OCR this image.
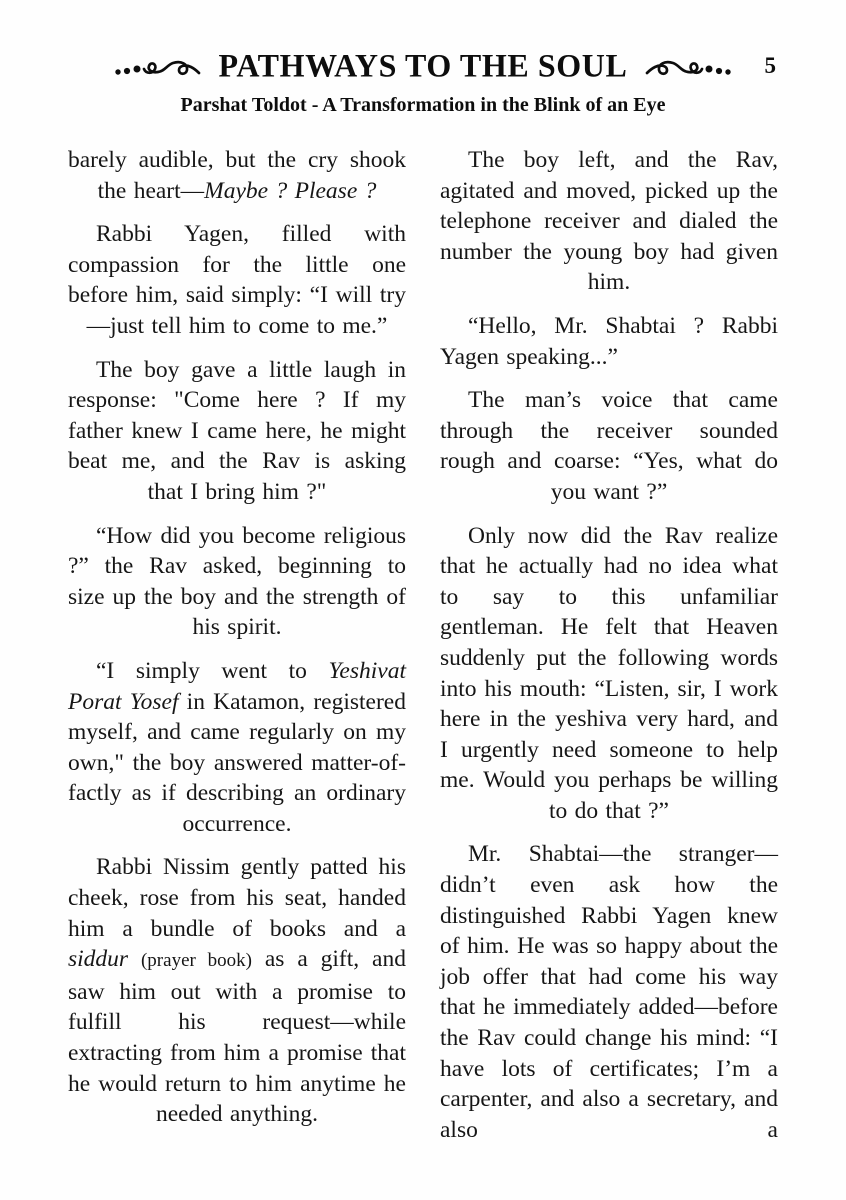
PATHWAYS TO THE SOUL	5
Parshat Toldot - A Transformation in the Blink of an Eye

barely audible, but the cry shook the heart—Maybe ? Please ?

Rabbi Yagen, filled with compassion for the little one before him, said simply: “I will try—just tell him to come to me.”

The boy gave a little laugh in response: "Come here ? If my father knew I came here, he might beat me, and the Rav is asking that I bring him ?"

“How did you become religious ?” the Rav asked, beginning to size up the boy and the strength of his spirit.

“I simply went to Yeshivat Porat Yosef in Katamon, registered myself, and came regularly on my own," the boy answered matter-of-factly as if describing an ordinary occurrence.

Rabbi Nissim gently patted his cheek, rose from his seat, handed him a bundle of books and a siddur (prayer book) as a gift, and saw him out with a promise to fulfill his request—while extracting from him a promise that he would return to him anytime he needed anything.

The boy left, and the Rav, agitated and moved, picked up the telephone receiver and dialed the number the young boy had given him.

“Hello, Mr. Shabtai ? Rabbi Yagen speaking...”

The man’s voice that came through the receiver sounded rough and coarse: “Yes, what do you want ?”

Only now did the Rav realize that he actually had no idea what to say to this unfamiliar gentleman. He felt that Heaven suddenly put the following words into his mouth: “Listen, sir, I work here in the yeshiva very hard, and I urgently need someone to help me. Would you perhaps be willing to do that ?”

Mr. Shabtai—the stranger—didn’t even ask how the distinguished Rabbi Yagen knew of him. He was so happy about the job offer that had come his way that he immediately added—before the Rav could change his mind: “I have lots of certificates; I’m a carpenter, and also a secretary, and also a
